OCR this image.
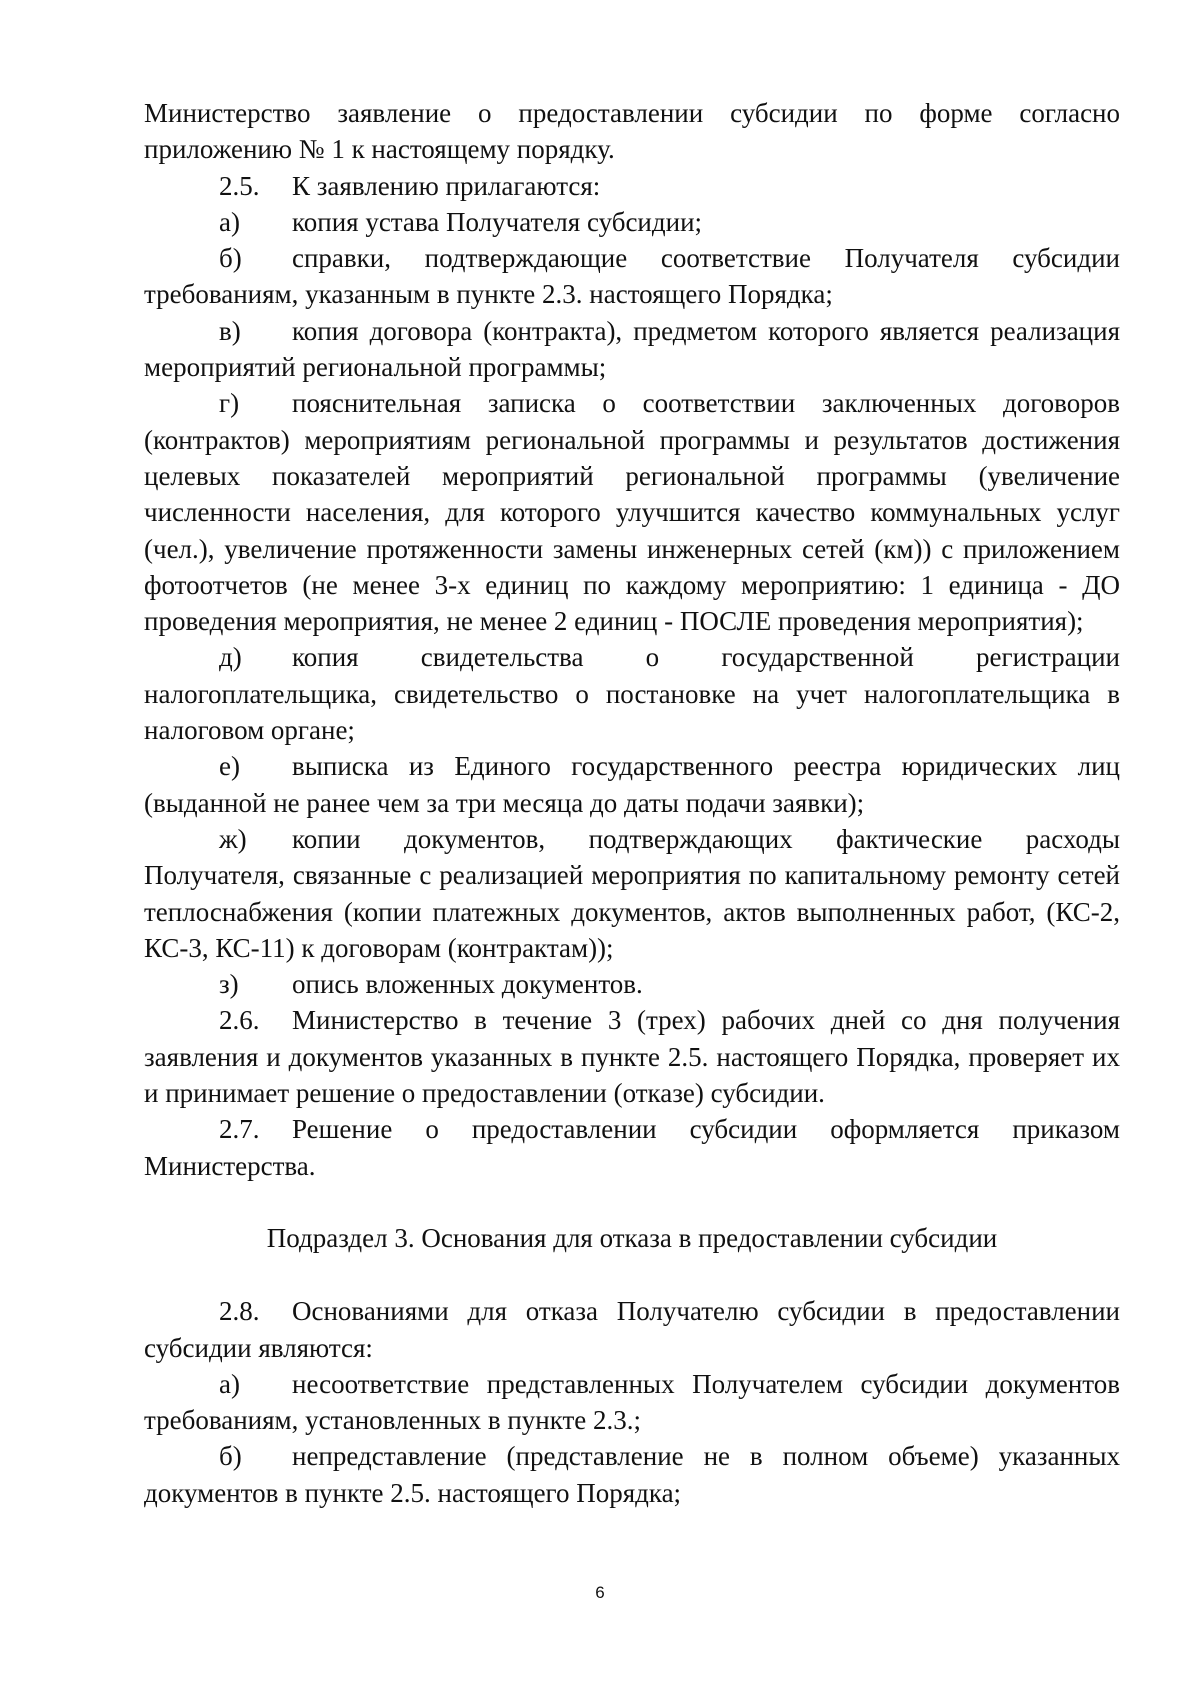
Министерство заявление о предоставлении субсидии по форме согласно приложению № 1 к настоящему порядку.

2.5. К заявлению прилагаются:

а) копия устава Получателя субсидии;

б) справки, подтверждающие соответствие Получателя субсидии требованиям, указанным в пункте 2.3. настоящего Порядка;

в) копия договора (контракта), предметом которого является реализация мероприятий региональной программы;

г) пояснительная записка о соответствии заключенных договоров (контрактов) мероприятиям региональной программы и результатов достижения целевых показателей мероприятий региональной программы (увеличение численности населения, для которого улучшится качество коммунальных услуг (чел.), увеличение протяженности замены инженерных сетей (км)) с приложением фотоотчетов (не менее 3-х единиц по каждому мероприятию: 1 единица - ДО проведения мероприятия, не менее 2 единиц - ПОСЛЕ проведения мероприятия);

д) копия свидетельства о государственной регистрации налогоплательщика, свидетельство о постановке на учет налогоплательщика в налоговом органе;

е) выписка из Единого государственного реестра юридических лиц (выданной не ранее чем за три месяца до даты подачи заявки);

ж) копии документов, подтверждающих фактические расходы Получателя, связанные с реализацией мероприятия по капитальному ремонту сетей теплоснабжения (копии платежных документов, актов выполненных работ, (КС-2, КС-3, КС-11) к договорам (контрактам));

з) опись вложенных документов.

2.6. Министерство в течение 3 (трех) рабочих дней со дня получения заявления и документов указанных в пункте 2.5. настоящего Порядка, проверяет их и принимает решение о предоставлении (отказе) субсидии.

2.7. Решение о предоставлении субсидии оформляется приказом Министерства.

Подраздел 3. Основания для отказа в предоставлении субсидии

2.8. Основаниями для отказа Получателю субсидии в предоставлении субсидии являются:

а) несоответствие представленных Получателем субсидии документов требованиям, установленных в пункте 2.3.;

б) непредставление (представление не в полном объеме) указанных документов в пункте 2.5. настоящего Порядка;

6
